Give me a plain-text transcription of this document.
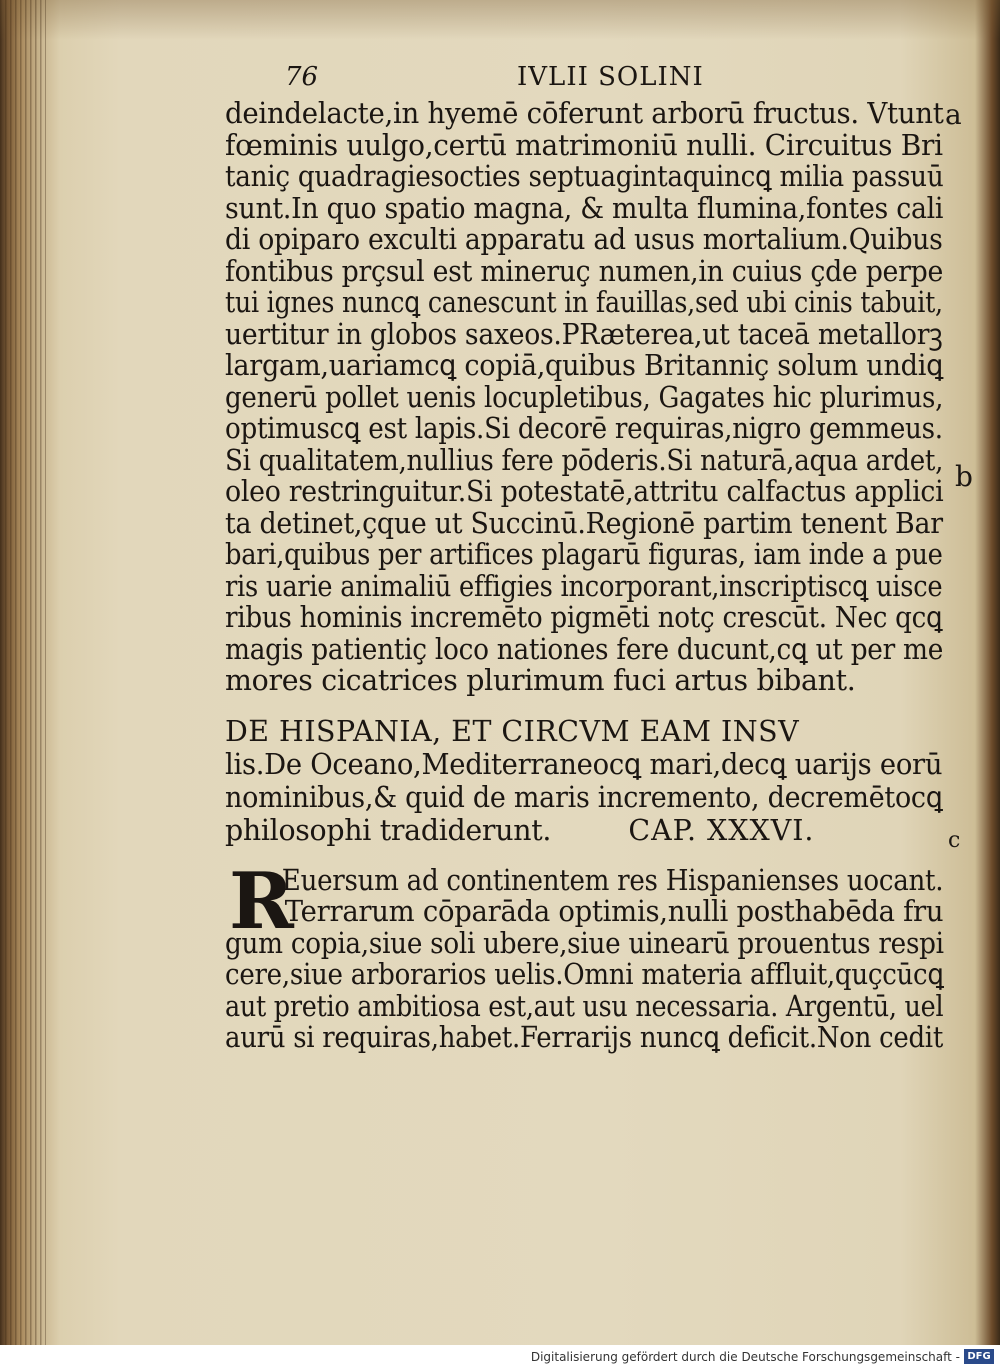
76	IVLII SOLINI
deindelacte,in hyemē cōferunt arborū fructus. Vtunt
fœminis uulgo,certū matrimoniū nulli. Circuitus Bri
taniç quadragiesocties septuagintaquincꝗ milia passuū
sunt.In quo spatio magna, & multa flumina,fontes cali
di opiparo exculti apparatu ad usus mortalium.Quibus
fontibus prçsul est mineruç numen,in cuius çde perpe
tui ignes nuncꝗ canescunt in fauillas,sed ubi cinis tabuit,
uertitur in globos saxeos.PRæterea,ut taceā metallorꝫ
largam,uariamcꝗ copiā,quibus Britanniç solum undiꝗ
generū pollet uenis locupletibus, Gagates hic plurimus,
optimuscꝗ est lapis.Si decorē requiras,nigro gemmeus.
Si qualitatem,nullius fere pōderis.Si naturā,aqua ardet,
oleo restringuitur.Si potestatē,attritu calfactus applici
ta detinet,çque ut Succinū.Regionē partim tenent Bar
bari,quibus per artifices plagarū figuras, iam inde a pue
ris uarie animaliū effigies incorporant,inscriptiscꝗ uisce
ribus hominis incremēto pigmēti notç crescūt. Nec qcꝗ
magis patientiç loco nationes fere ducunt,cꝗ ut per me
mores cicatrices plurimum fuci artus bibant.
DE HISPANIA, ET CIRCVM EAM INSV
lis.De Oceano,Mediterraneocꝗ mari,decꝗ uarijs eorū
nominibus,& quid de maris incremento, decremētocꝗ
philosophi tradiderunt.	CAP. XXXVI.
R
Euersum ad continentem res Hispanienses uocant.
Terrarum cōparāda optimis,nulli posthabēda fru
gum copia,siue soli ubere,siue uinearū prouentus respi
cere,siue arborarios uelis.Omni materia affluit,quçcūcꝗ
aut pretio ambitiosa est,aut usu necessaria. Argentū, uel
aurū si requiras,habet.Ferrarijs nuncꝗ deficit.Non cedit
a
b
c
Digitalisierung gefördert durch die Deutsche Forschungsgemeinschaft - DFG
